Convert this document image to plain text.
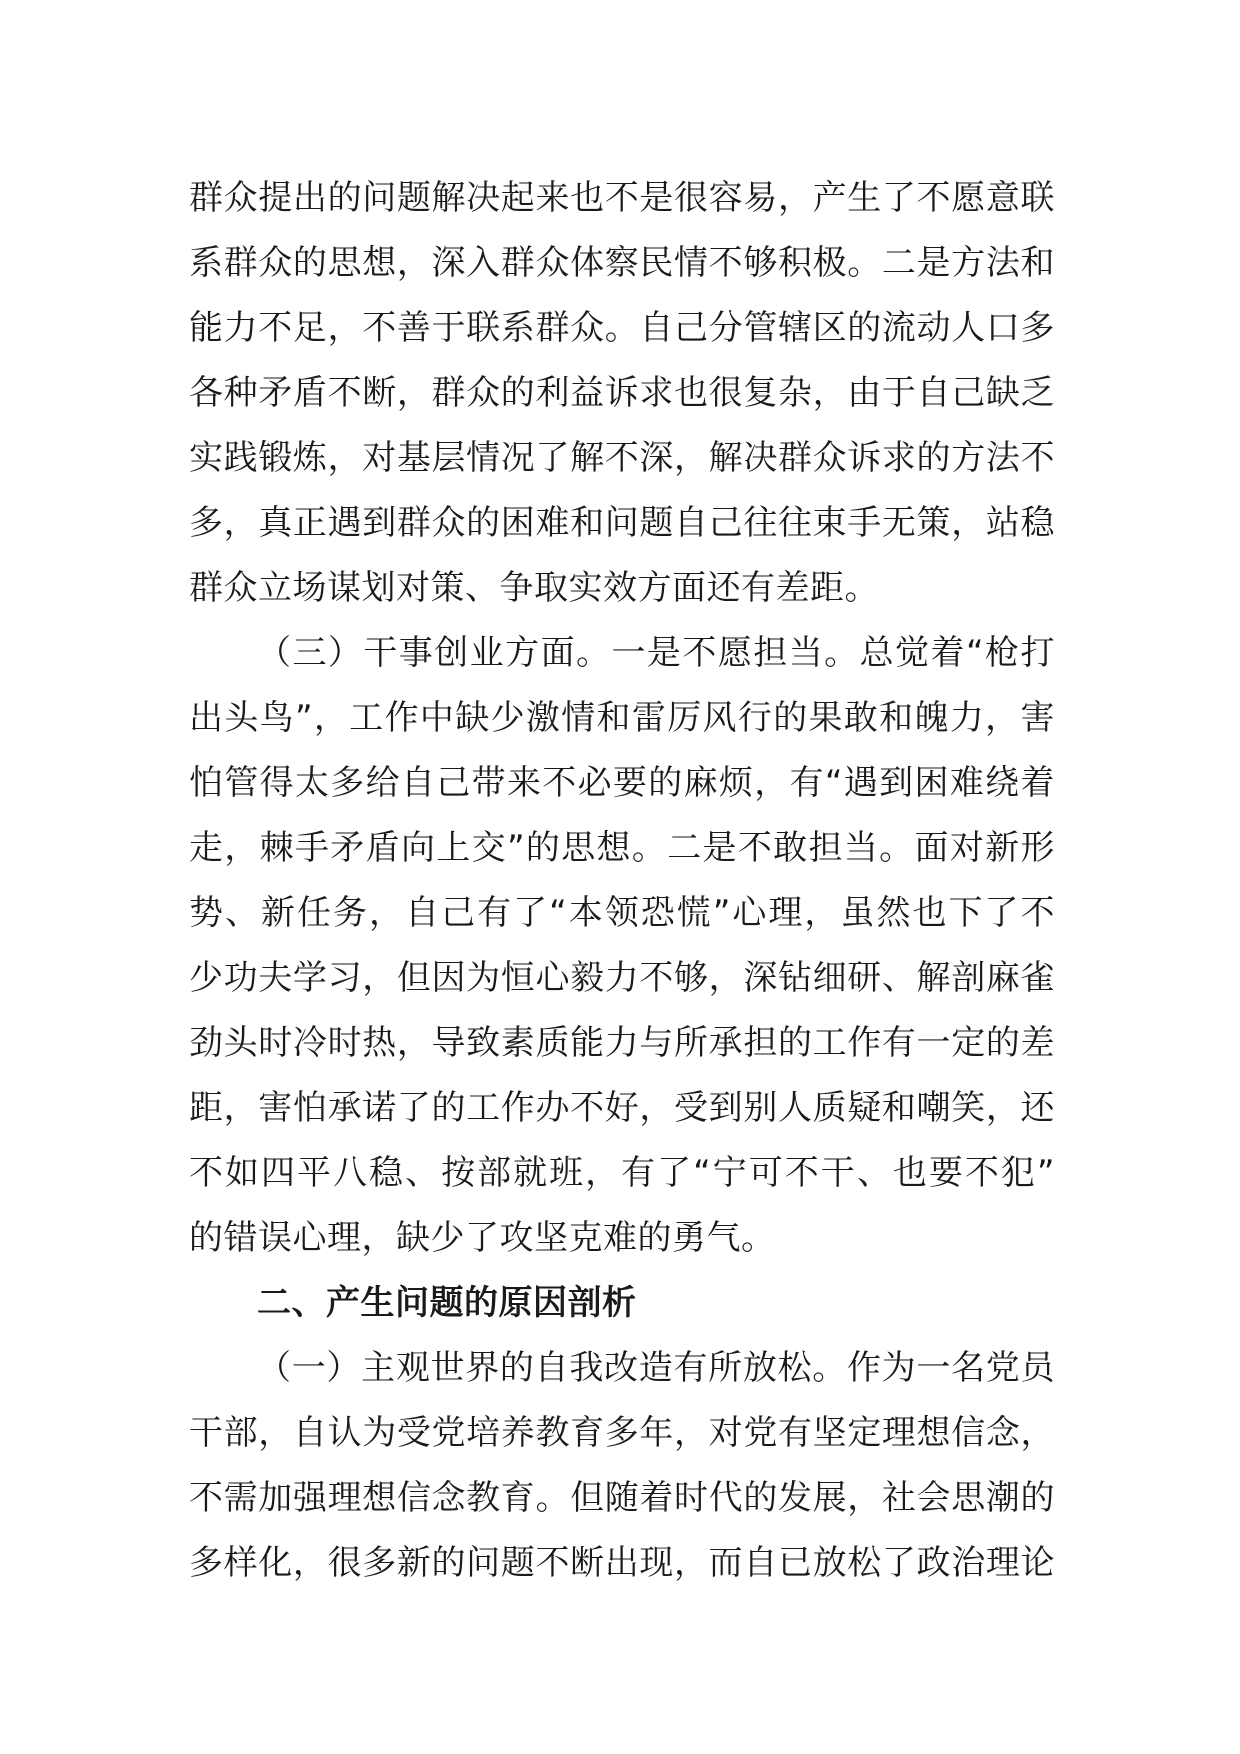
群众提出的问题解决起来也不是很容易，产生了不愿意联
系群众的思想，深入群众体察民情不够积极。二是方法和
能力不足，不善于联系群众。自己分管辖区的流动人口多
各种矛盾不断，群众的利益诉求也很复杂，由于自己缺乏
实践锻炼，对基层情况了解不深，解决群众诉求的方法不
多，真正遇到群众的困难和问题自己往往束手无策，站稳
群众立场谋划对策、争取实效方面还有差距。
（三）干事创业方面。一是不愿担当。总觉着“枪打
出头鸟”，工作中缺少激情和雷厉风行的果敢和魄力，害
怕管得太多给自己带来不必要的麻烦，有“遇到困难绕着
走，棘手矛盾向上交”的思想。二是不敢担当。面对新形
势、新任务，自己有了“本领恐慌”心理，虽然也下了不
少功夫学习，但因为恒心毅力不够，深钻细研、解剖麻雀
劲头时冷时热，导致素质能力与所承担的工作有一定的差
距，害怕承诺了的工作办不好，受到别人质疑和嘲笑，还
不如四平八稳、按部就班，有了“宁可不干、也要不犯”
的错误心理，缺少了攻坚克难的勇气。
二、产生问题的原因剖析
（一）主观世界的自我改造有所放松。作为一名党员
干部，自认为受党培养教育多年，对党有坚定理想信念，
不需加强理想信念教育。但随着时代的发展，社会思潮的
多样化，很多新的问题不断出现，而自已放松了政治理论
